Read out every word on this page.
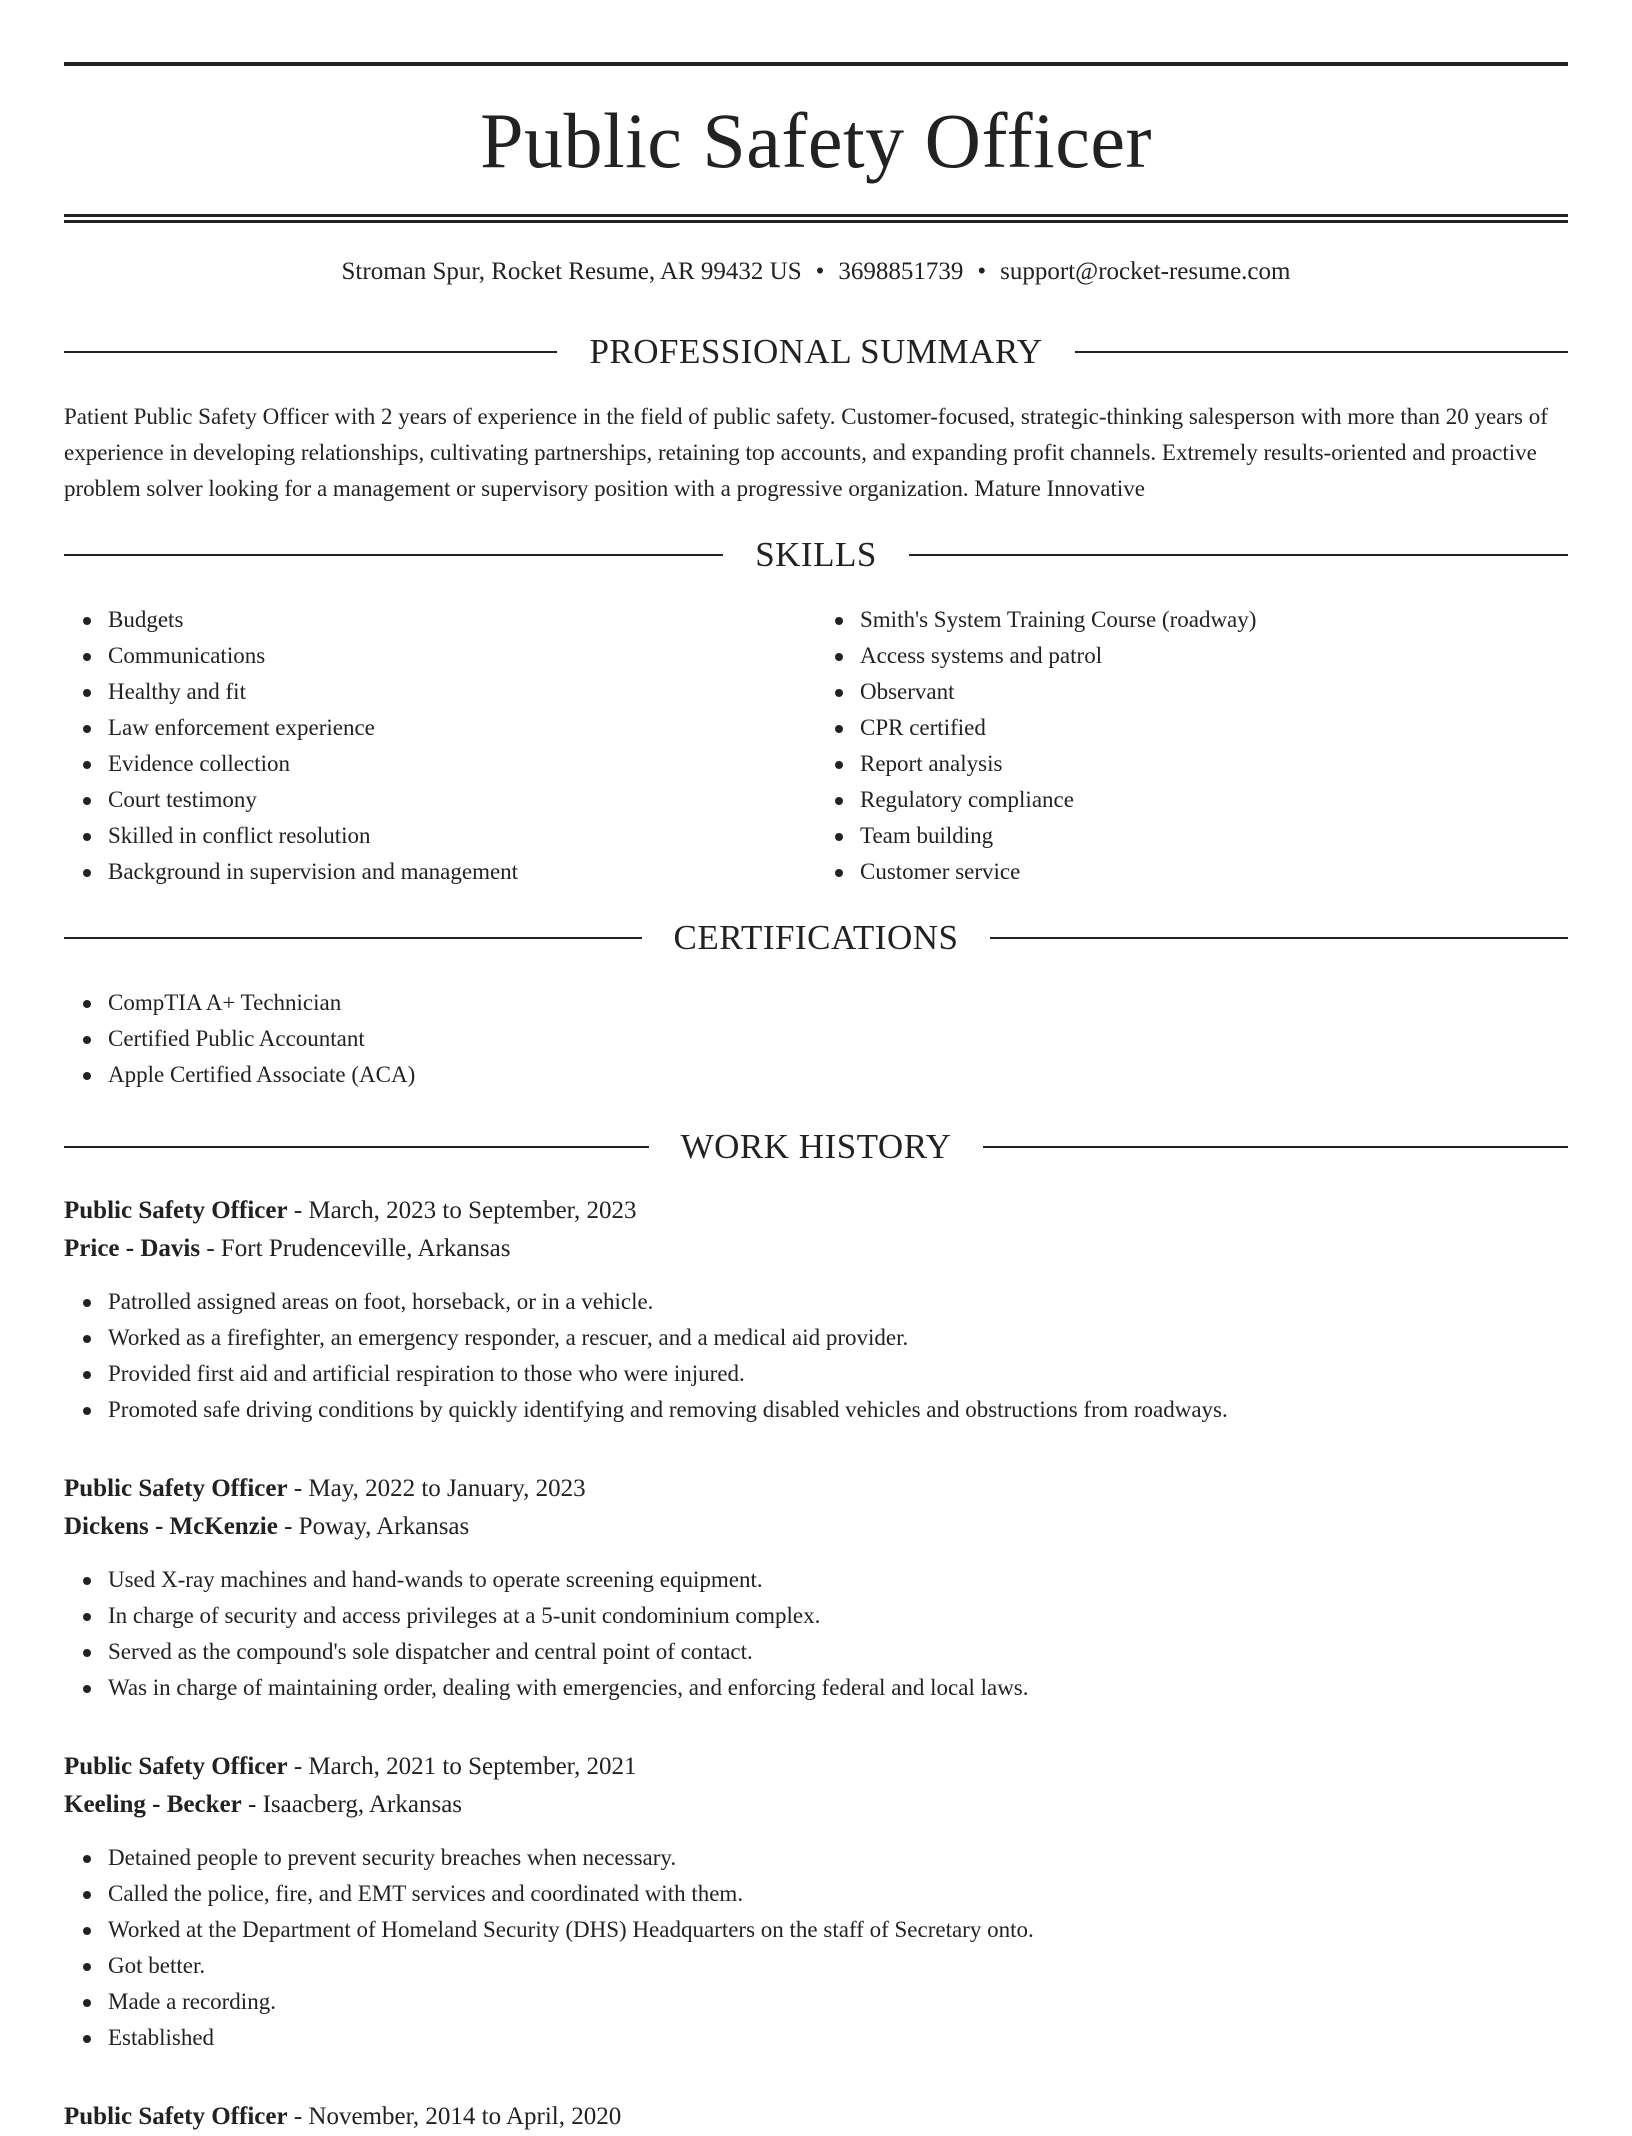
Public Safety Officer
Stroman Spur, Rocket Resume, AR 99432 US • 3698851739 • support@rocket-resume.com
PROFESSIONAL SUMMARY
Patient Public Safety Officer with 2 years of experience in the field of public safety. Customer-focused, strategic-thinking salesperson with more than 20 years of experience in developing relationships, cultivating partnerships, retaining top accounts, and expanding profit channels. Extremely results-oriented and proactive problem solver looking for a management or supervisory position with a progressive organization. Mature Innovative
SKILLS
Budgets
Communications
Healthy and fit
Law enforcement experience
Evidence collection
Court testimony
Skilled in conflict resolution
Background in supervision and management
Smith's System Training Course (roadway)
Access systems and patrol
Observant
CPR certified
Report analysis
Regulatory compliance
Team building
Customer service
CERTIFICATIONS
CompTIA A+ Technician
Certified Public Accountant
Apple Certified Associate (ACA)
WORK HISTORY
Public Safety Officer - March, 2023 to September, 2023
Price - Davis - Fort Prudenceville, Arkansas
Patrolled assigned areas on foot, horseback, or in a vehicle.
Worked as a firefighter, an emergency responder, a rescuer, and a medical aid provider.
Provided first aid and artificial respiration to those who were injured.
Promoted safe driving conditions by quickly identifying and removing disabled vehicles and obstructions from roadways.
Public Safety Officer - May, 2022 to January, 2023
Dickens - McKenzie - Poway, Arkansas
Used X-ray machines and hand-wands to operate screening equipment.
In charge of security and access privileges at a 5-unit condominium complex.
Served as the compound's sole dispatcher and central point of contact.
Was in charge of maintaining order, dealing with emergencies, and enforcing federal and local laws.
Public Safety Officer - March, 2021 to September, 2021
Keeling - Becker - Isaacberg, Arkansas
Detained people to prevent security breaches when necessary.
Called the police, fire, and EMT services and coordinated with them.
Worked at the Department of Homeland Security (DHS) Headquarters on the staff of Secretary onto.
Got better.
Made a recording.
Established
Public Safety Officer - November, 2014 to April, 2020
